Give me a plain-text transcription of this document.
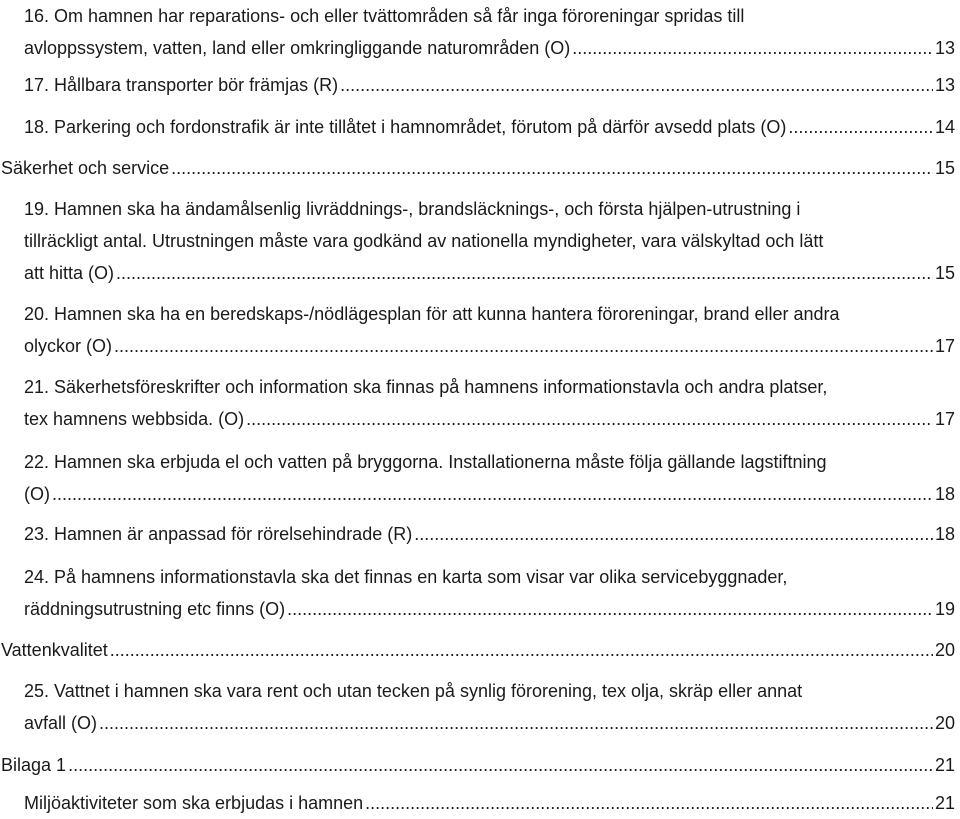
16. Om hamnen har reparations- och eller tvättområden så får inga föroreningar spridas till
avloppssystem, vatten, land eller omkringliggande naturområden (O) .....	13
17. Hållbara transporter bör främjas (R) .....	13
18. Parkering och fordonstrafik är inte tillåtet i hamnområdet, förutom på därför avsedd plats (O) .....	14
Säkerhet och service .....	15
19. Hamnen ska ha ändamålsenlig livräddnings-, brandsläcknings-, och första hjälpen-utrustning i
tillräckligt antal. Utrustningen måste vara godkänd av nationella myndigheter, vara välskyltad och lätt
att hitta (O) .....	15
20. Hamnen ska ha en beredskaps-/nödlägesplan för att kunna hantera föroreningar, brand eller andra
olyckor (O) .....	17
21. Säkerhetsföreskrifter och information ska finnas på hamnens informationstavla och andra platser,
tex hamnens webbsida. (O) .....	17
22. Hamnen ska erbjuda el och vatten på bryggorna. Installationerna måste följa gällande lagstiftning
(O) .....	18
23. Hamnen är anpassad för rörelsehindrade (R) .....	18
24. På hamnens informationstavla ska det finnas en karta som visar var olika servicebyggnader,
räddningsutrustning etc finns (O) .....	19
Vattenkvalitet .....	20
25. Vattnet i hamnen ska vara rent och utan tecken på synlig förorening, tex olja, skräp eller annat
avfall (O) .....	20
Bilaga 1 .....	21
Miljöaktiviteter som ska erbjudas i hamnen .....	21
